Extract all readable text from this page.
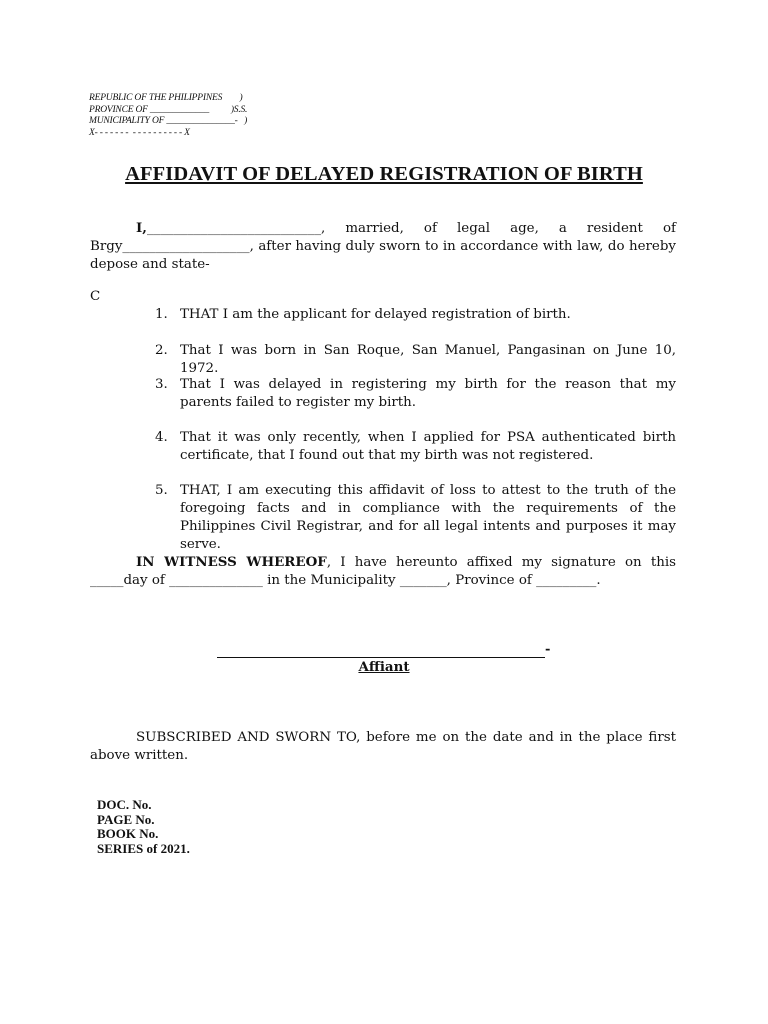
REPUBLIC OF THE PHILIPPINES        )
PROVINCE OF _____________          )S.S.
MUNICIPALITY OF _______________-   )
X- - - - - - -  - - - - - - - - - - X
AFFIDAVIT OF DELAYED REGISTRATION OF BIRTH
I,__________________________, married, of legal age, a resident of Brgy___________________, after having duly sworn to in accordance with law, do hereby depose and state-
C
1. THAT I am the applicant for delayed registration of birth.
2. That I was born in San Roque, San Manuel, Pangasinan on June 10, 1972.
3. That I was delayed in registering my birth for the reason that my parents failed to register my birth.
4. That it was only recently, when I applied for PSA authenticated birth certificate, that I found out that my birth was not registered.
5. THAT, I am executing this affidavit of loss to attest to the truth of the foregoing facts and in compliance with the requirements of the Philippines Civil Registrar, and for all legal intents and purposes it may serve.
IN WITNESS WHEREOF, I have hereunto affixed my signature on this _____day of ______________ in the Municipality _______, Province of _________.
-
Affiant
SUBSCRIBED AND SWORN TO, before me on the date and in the place first above written.
DOC. No.
PAGE No.
BOOK No.
SERIES of 2021.
